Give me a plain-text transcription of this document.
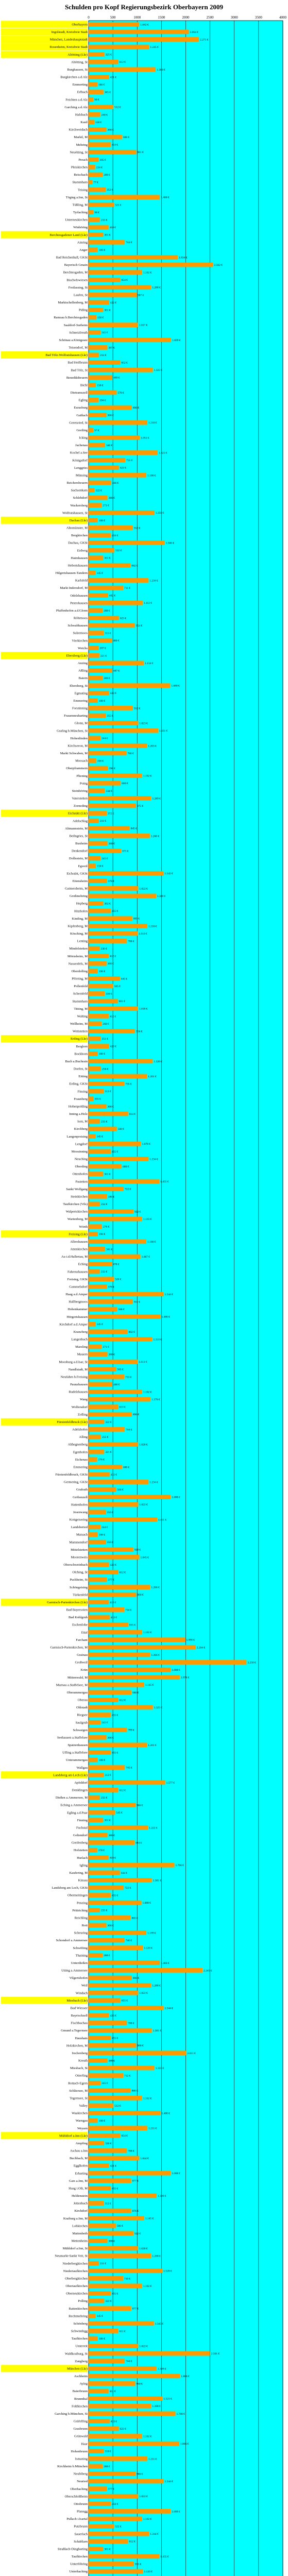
Schulden pro Kopf Regierungsbezirk Oberbayern 2009
0	500	1000	1500	2000	2500	3000	3500	4000
Oberbayern	1.042 €
Ingolstadt, Kreisfreie Stadt	2.064 €
München, Landeshauptstadt	2.271 €
Rosenheim, Kreisfreie Stadt	1.245 €
Altötting (Lkr)	325 €
Altötting, St	612 €
Burghausen, St	1.380 €
Burgkirchen a.d.Alz	421 €
Emmerting	180 €
Erlbach	305 €
Feichten a.d.Alz 96 €
Garching a.d.Alz	512 €
Halsbach	240 €
Kastl	118 €
Kirchweidach	366 €
Marktl, M	688 €
Mehring	454 €
Neuötting, St	981 €
Perach	205 €
Pleiskirchen	134 €
Reischach	289 €
Stammham 77 €
Teising	352 €
Töging a.Inn, St	1.466 €
Tüßling, M	521 €
Tyrlaching 98 €
Unterneukirchen	233 €
Winhöring	410 €
Berchtesgadener Land (Lkr)	301 €
Ainring	744 €
Anger	189 €
Bad Reichenhall, GKSt	1.834 €
Bayerisch Gmain	2.562 €
Berchtesgaden, M	1.102 €
Bischofswiesen	654 €
Freilassing, St	1.288 €
Laufen, St	987 €
Marktschellenberg, M	422 €
Piding	301 €
Ramsau b.Berchtesgaden	158 €
Saaldorf-Surheim	1.017 €
Schneizlreuth	245 €
Schönau a.Königssee	1.699 €
Teisendorf, M	387 €
Bad Tölz-Wolfratshausen (Lkr)	214 €
Bad Heilbrunn	652 €
Bad Tölz, St	1.322 €
Benediktbeuern	489 €
Bichl	150 €
Dietramszell	578 €
Egling	204 €
Eurasburg	890 €
Gaißach	366 €
Geretsried, St	1.210 €
Greiling 97 €
Icking	1.051 €
Jachenau	340 €
Kochel a.See	1.421 €
Königsdorf	755 €
Lenggries	623 €
Münsing	1.188 €
Reichersbeuern	466 €
Sachsenkam	122 €
Schlehdorf	388 €
Wackersberg	271 €
Wolfratshausen, St	1.356 €
Dachau (Lkr)	188 €
Altomünster, M	912 €
Bergkirchen	456 €
Dachau, GKSt	1.566 €
Erdweg	532 €
Haimhausen	301 €
Hebertshausen	862 €
Hilgertshausen-Tandern	145 €
Karlsfeld	1.234 €
Markt Indersdorf, M	711 €
Odelzhausen	402 €
Petershausen	1.112 €
Pfaffenhofen a.d.Glonn	289 €
Röhrmoos	623 €
Schwabhausen	954 €
Sulzemoos	311 €
Vierkirchen	480 €
Weichs	207 €
Ebersberg (Lkr)	221 €
Anzing	1.134 €
Aßling	487 €
Baiern	289 €
Ebersberg, St	1.680 €
Egmating	420 €
Emmering	188 €
Forstinning	912 €
Frauenneuharting	355 €
Glonn, M	1.023 €
Grafing b.München, St	1.431 €
Hohenlinden	244 €
Kirchseeon, M	1.203 €
Markt Schwaben, M	780 €
Moosach	156 €
Oberpframmern	398 €
Pliening	1.102 €
Poing	660 €
Steinhöring	334 €
Vaterstetten	1.289 €
Zorneding	975 €
Eichstätt (Lkr)	372 €
Adelschlag	211 €
Altmannstein, M	845 €
Beilngries, St	1.260 €
Buxheim	388 €
Denkendorf	671 €
Dollnstein, M	245 €
Egweil	150 €
Eichstätt, GKSt	1.542 €
Eitensheim	378 €
Gaimersheim, M	1.022 €
Großmehring	1.389 €
Hepberg	302 €
Hitzhofen	455 €
Kinding, M	899 €
Kipfenberg, M	1.210 €
Kösching, M	1.010 €
Lenting	788 €
Mindelstetten	230 €
Mörnsheim, M	412 €
Nassenfels, M	368 €
Oberdolling	190 €
Pförring, M	645 €
Pollenfeld	505 €
Schernfeld	330 €
Stammham	601 €
Titting, M	1.018 €
Walting	412 €
Wellheim, M	268 €
Wettstetten	956 €
Erding (Lkr)	251 €
Berglern	420 €
Bockhorn	188 €
Buch a.Buchrain	1.320 €
Dorfen, St	256 €
Eitting	1.201 €
Erding, GKSt	735 €
Finsing	312 €
Fraunberg 101 €
Hohenpolding	366 €
Inning a.Holz	814 €
Isen, M	233 €
Kirchberg	580 €
Langenpreising	145 €
Lengdorf	1.078 €
Moosinning	455 €
Neuching	1.234 €
Oberding	680 €
Ottenhofen	301 €
Pastetten	1.455 €
Sankt Wolfgang	722 €
Steinkirchen	380 €
Taufkirchen (Vils)	234 €
Walpertskirchen	922 €
Wartenberg, M	1.103 €
Wörth	276 €
Freising (Lkr)	190 €
Allershausen	1.188 €
Attenkirchen	341 €
Au i.d.Hallertau, M	1.067 €
Eching	478 €
Fahrenzhausen	232 €
Freising, GKSt	520 €
Gammelsdorf	378 €
Haag a.d.Amper	1.544 €
Hallbergmoos	911 €
Hohenkammer	588 €
Hörgertshausen	1.480 €
Kirchdorf a.d.Amper	145 €
Kranzberg	802 €
Langenbach	1.310 €
Marzling	271 €
Mauern	388 €
Moosburg a.d.Isar, St	1.011 €
Nandlstadt, M	565 €
Neufahrn b.Freising	733 €
Paunzhausen	488 €
Rudelzhausen	1.102 €
Wang	1.276 €
Wolfersdorf	610 €
Zolling	890 €
Fürstenfeldbruck (Lkr)	322 €
Adelshofen	744 €
Alling	255 €
Althegnenberg	1.020 €
Egenhofen	321 €
Eichenau	176 €
Emmering	688 €
Fürstenfeldbruck, GKSt	432 €
Germering, GKSt	1.234 €
Grafrath	566 €
Gröbenzell	1.688 €
Hattenhofen	1.022 €
Jesenwang	356 €
Kottgeisering	1.411 €
Landsberied	244 €
Maisach	188 €
Mammendorf	356 €
Mittelstetten	920 €
Moorenweis	1.045 €
Oberschweinbach	420 €
Olching, St	612 €
Puchheim, St	377 €
Schöngeising	1.266 €
Türkenfeld	980 €
Garmisch-Partenkirchen (Lkr)	412 €
Bad Bayersoien	734 €
Bad Kohlgrub	433 €
Eschenlohe	815 €
Ettal	1.102 €
Farchant	1.990 €
Garmisch-Partenkirchen, M	2.204 €
Grainau	1.266 €
Großweil	3.250 €
Krün	1.688 €
Mittenwald, M	1.876 €
Murnau a.Staffelsee, M	1.145 €
Oberammergau	880 €
Oberau	612 €
Ohlstadt	1.323 €
Riegsee	455 €
Saulgrub	245 €
Schwaigen	789 €
Seehausen a.Staffelsee	366 €
Spatzenhausen	1.201 €
Uffing a.Staffelsee	455 €
Unterammergau	188 €
Wallgau	745 €
Landsberg am Lech (Lkr)	312 €
Apfeldorf	1.577 €
Denklingen	612 €
Dießen a.Ammersee, M	233 €
Eching a.Ammersee	966 €
Egling a.d.Paar	545 €
Finning	301 €
Fuchstal	1.222 €
Geltendorf	388 €
Greifenberg	944 €
Hofstetten	178 €
Hurlach	410 €
Igling	1.766 €
Kaufering, M	644 €
Kinsau	1.301 €
Landsberg am Lech, GKSt	722 €
Obermeitingen	455 €
Penzing	1.088 €
Prittriching	233 €
Reichling	865 €
Rott	366 €
Scheuring	1.189 €
Schondorf a.Ammersee	740 €
Schwifting	1.120 €
Thaining	288 €
Unterdießen	1.466 €
Utting a.Ammersee	2.345 €
Vilgertshofen	890 €
Weil	1.288 €
Windach	1.022 €
Miesbach (Lkr)	655 €
Bad Wiessee	1.544 €
Bayrischzell	420 €
Fischbachau	788 €
Gmund a.Tegernsee	1.301 €
Hausham	455 €
Holzkirchen, M	980 €
Irschenberg	2.011 €
Kreuth	388 €
Miesbach, St	1.355 €
Otterfing	712 €
Rottach-Egern	245 €
Schliersee, M	866 €
Tegernsee, St	1.102 €
Valley	512 €
Waakirchen	1.480 €
Warngau	188 €
Weyarn	1.211 €
Mühldorf a.Inn (Lkr)	654 €
Ampfing	320 €
Aschau a.Inn	788 €
Buchbach, M	1.044 €
Egglkofen	421 €
Erharting	1.688 €
Gars a.Inn, M	877 €
Haag i.OB, M	455 €
Heldenstein	1.399 €
Jettenbach	312 €
Kirchdorf	876 €
Kraiburg a.Inn, M	1.145 €
Lohkirchen	560 €
Maitenbeth	922 €
Mettenheim	388 €
Mühldorf a.Inn, St	1.020 €
Neumarkt-Sankt Veit, St	1.288 €
Niederbergkirchen	211 €
Niedertaufkirchen	1.520 €
Oberbergkirchen	710 €
Obertaufkirchen	1.102 €
Oberneukirchen	455 €
Polling	322 €
Rattenkirchen	877 €
Rechtmehring	145 €
Schönberg	1.345 €
Schwindegg	611 €
Taufkirchen	188 €
Unterreit	1.022 €
Waldkraiburg, St	2.501 €
Zangberg	744 €
München (Lkr)	1.399 €
Aschheim	1.880 €
Aying	960 €
Baierbrunn	411 €
Brunnthal	1.521 €
Feldkirchen	1.288 €
Garching b.München, St	1.788 €
Gräfelfing	433 €
Grasbrunn	622 €
Grünwald	1.102 €
Haar	1.866 €
Hohenbrunn	310 €
Ismaning	1.211 €
Kirchheim b.München	288 €
Neubiberg	966 €
Neuried	1.544 €
Oberhaching	377 €
Oberschleißheim	1.022 €
Ottobrunn	456 €
Planegg	1.688 €
Pullach i.Isartal	1.102 €
Putzbrunn	522 €
Sauerlach	1.244 €
Schäftlarn	812 €
Straßlach-Dingharting	301 €
Taufkirchen	1.455 €
Unterföhring	933 €
Unterhaching	1.120 €
